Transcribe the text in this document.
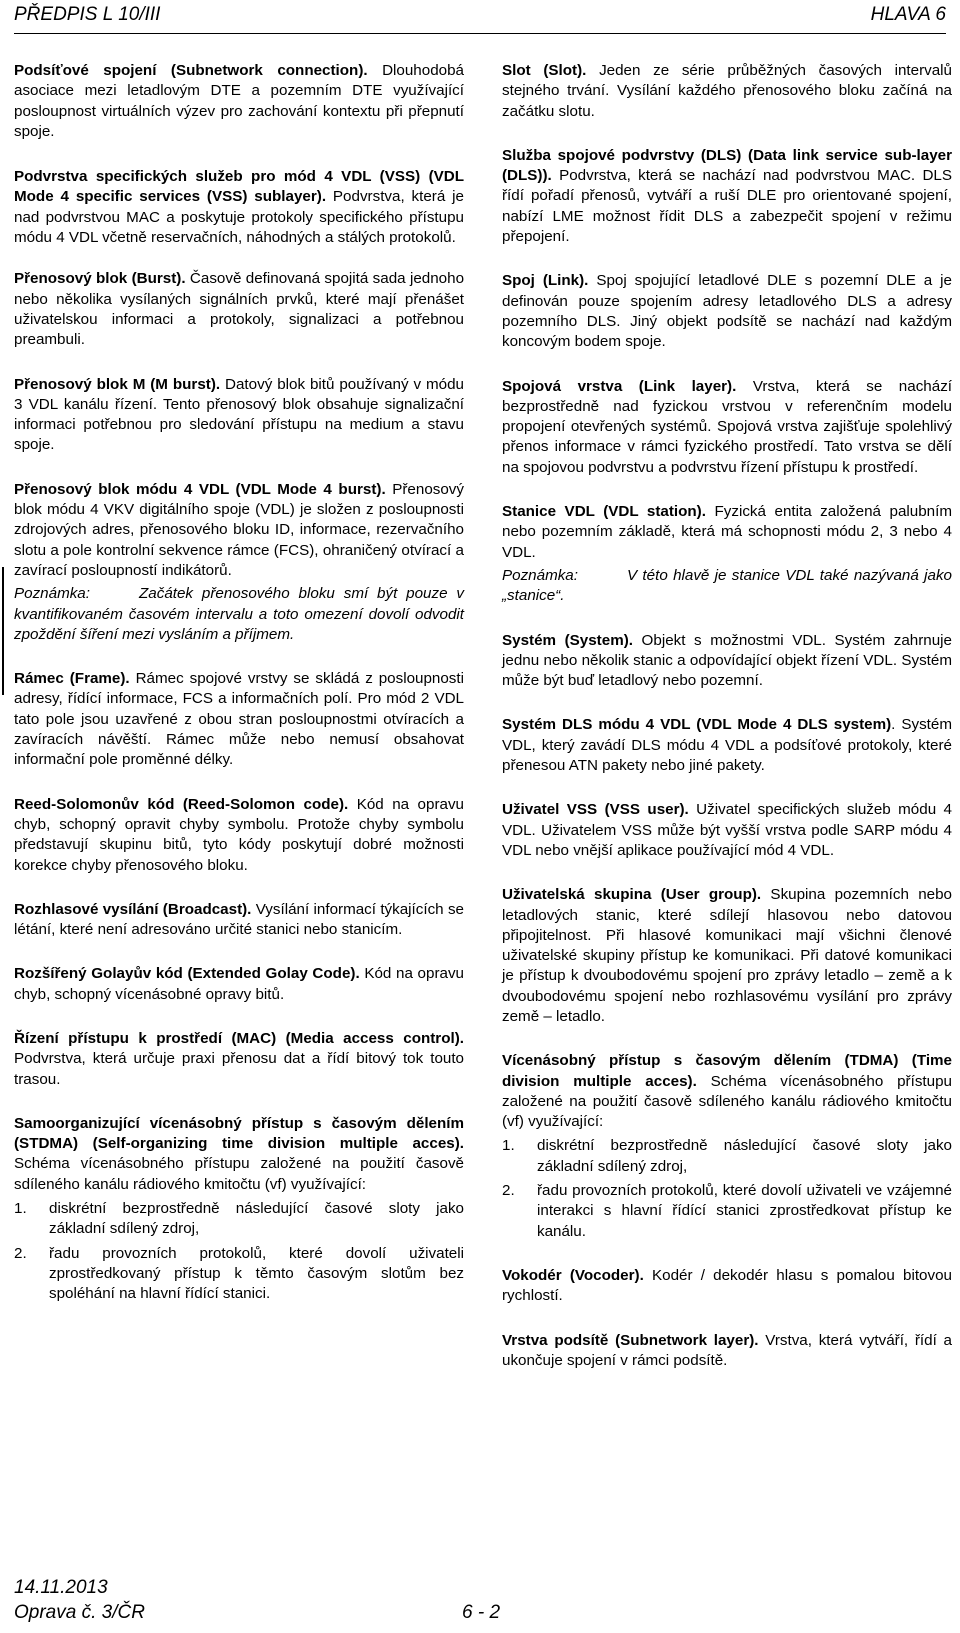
PŘEDPIS L 10/III	HLAVA 6

Podsíťové spojení (Subnetwork connection). Dlouhodobá asociace mezi letadlovým DTE a pozemním DTE využívající posloupnost virtuálních výzev pro zachování kontextu při přepnutí spoje.

Podvrstva specifických služeb pro mód 4 VDL (VSS) (VDL Mode 4 specific services (VSS) sublayer). Podvrstva, která je nad podvrstvou MAC a poskytuje protokoly specifického přístupu módu 4 VDL včetně reservačních, náhodných a stálých protokolů.

Přenosový blok (Burst). Časově definovaná spojitá sada jednoho nebo několika vysílaných signálních prvků, které mají přenášet uživatelskou informaci a protokoly, signalizaci a potřebnou preambuli.

Přenosový blok M (M burst). Datový blok bitů používaný v módu 3 VDL kanálu řízení. Tento přenosový blok obsahuje signalizační informaci potřebnou pro sledování přístupu na medium a stavu spoje.

Přenosový blok módu 4 VDL (VDL Mode 4 burst). Přenosový blok módu 4 VKV digitálního spoje (VDL) je složen z posloupnosti zdrojových adres, přenosového bloku ID, informace, rezervačního slotu a pole kontrolní sekvence rámce (FCS), ohraničený otvírací a zavírací posloupností indikátorů.

Poznámka:	Začátek přenosového bloku smí být pouze v kvantifikovaném časovém intervalu a toto omezení dovolí odvodit zpoždění šíření mezi vysláním a příjmem.

Rámec (Frame). Rámec spojové vrstvy se skládá z posloupnosti adresy, řídící informace, FCS a informačních polí. Pro mód 2 VDL tato pole jsou uzavřené z obou stran posloupnostmi otvíracích a zavíracích návěští. Rámec může nebo nemusí obsahovat informační pole proměnné délky.

Reed-Solomonův kód (Reed-Solomon code). Kód na opravu chyb, schopný opravit chyby symbolu. Protože chyby symbolu představují skupinu bitů, tyto kódy poskytují dobré možnosti korekce chyby přenosového bloku.

Rozhlasové vysílání (Broadcast). Vysílání informací týkajících se létání, které není adresováno určité stanici nebo stanicím.

Rozšířený Golayův kód (Extended Golay Code). Kód na opravu chyb, schopný vícenásobné opravy bitů.

Řízení přístupu k prostředí (MAC) (Media access control). Podvrstva, která určuje praxi přenosu dat a řídí bitový tok touto trasou.

Samoorganizující vícenásobný přístup s časovým dělením (STDMA) (Self-organizing time division multiple acces). Schéma vícenásobného přístupu založené na použití časově sdíleného kanálu rádiového kmitočtu (vf) využívající:

1. diskrétní bezprostředně následující časové sloty jako základní sdílený zdroj,
2. řadu provozních protokolů, které dovolí uživateli zprostředkovaný přístup k těmto časovým slotům bez spoléhání na hlavní řídící stanici.

Slot (Slot). Jeden ze série průběžných časových intervalů stejného trvání. Vysílání každého přenosového bloku začíná na začátku slotu.

Služba spojové podvrstvy (DLS) (Data link service sub-layer (DLS)). Podvrstva, která se nachází nad podvrstvou MAC. DLS řídí pořadí přenosů, vytváří a ruší DLE pro orientované spojení, nabízí LME možnost řídit DLS a zabezpečit spojení v režimu přepojení.

Spoj (Link). Spoj spojující letadlové DLE s pozemní DLE a je definován pouze spojením adresy letadlového DLS a adresy pozemního DLS. Jiný objekt podsítě se nachází nad každým koncovým bodem spoje.

Spojová vrstva (Link layer). Vrstva, která se nachází bezprostředně nad fyzickou vrstvou v referenčním modelu propojení otevřených systémů. Spojová vrstva zajišťuje spolehlivý přenos informace v rámci fyzického prostředí. Tato vrstva se dělí na spojovou podvrstvu a podvrstvu řízení přístupu k prostředí.

Stanice VDL (VDL station). Fyzická entita založená palubním nebo pozemním základě, která má schopnosti módu 2, 3 nebo 4 VDL.

Poznámka:	V této hlavě je stanice VDL také nazývaná jako „stanice“.

Systém (System). Objekt s možnostmi VDL. Systém zahrnuje jednu nebo několik stanic a odpovídající objekt řízení VDL. Systém může být buď letadlový nebo pozemní.

Systém DLS módu 4 VDL (VDL Mode 4 DLS system). Systém VDL, který zavádí DLS módu 4 VDL a podsíťové protokoly, které přenesou ATN pakety nebo jiné pakety.

Uživatel VSS (VSS user). Uživatel specifických služeb módu 4 VDL. Uživatelem VSS může být vyšší vrstva podle SARP módu 4 VDL nebo vnější aplikace používající mód 4 VDL.

Uživatelská skupina (User group). Skupina pozemních nebo letadlových stanic, které sdílejí hlasovou nebo datovou připojitelnost. Při hlasové komunikaci mají všichni členové uživatelské skupiny přístup ke komunikaci. Při datové komunikaci je přístup k dvoubodovému spojení pro zprávy letadlo – země a k dvoubodovému spojení nebo rozhlasovému vysílání pro zprávy země – letadlo.

Vícenásobný přístup s časovým dělením (TDMA) (Time division multiple acces). Schéma vícenásobného přístupu založené na použití časově sdíleného kanálu rádiového kmitočtu (vf) využívající:

1. diskrétní bezprostředně následující časové sloty jako základní sdílený zdroj,
2. řadu provozních protokolů, které dovolí uživateli ve vzájemné interakci s hlavní řídící stanici zprostředkovat přístup ke kanálu.

Vokodér (Vocoder). Kodér / dekodér hlasu s pomalou bitovou rychlostí.

Vrstva podsítě (Subnetwork layer). Vrstva, která vytváří, řídí a ukončuje spojení v rámci podsítě.

14.11.2013
Oprava č. 3/ČR	6 - 2
